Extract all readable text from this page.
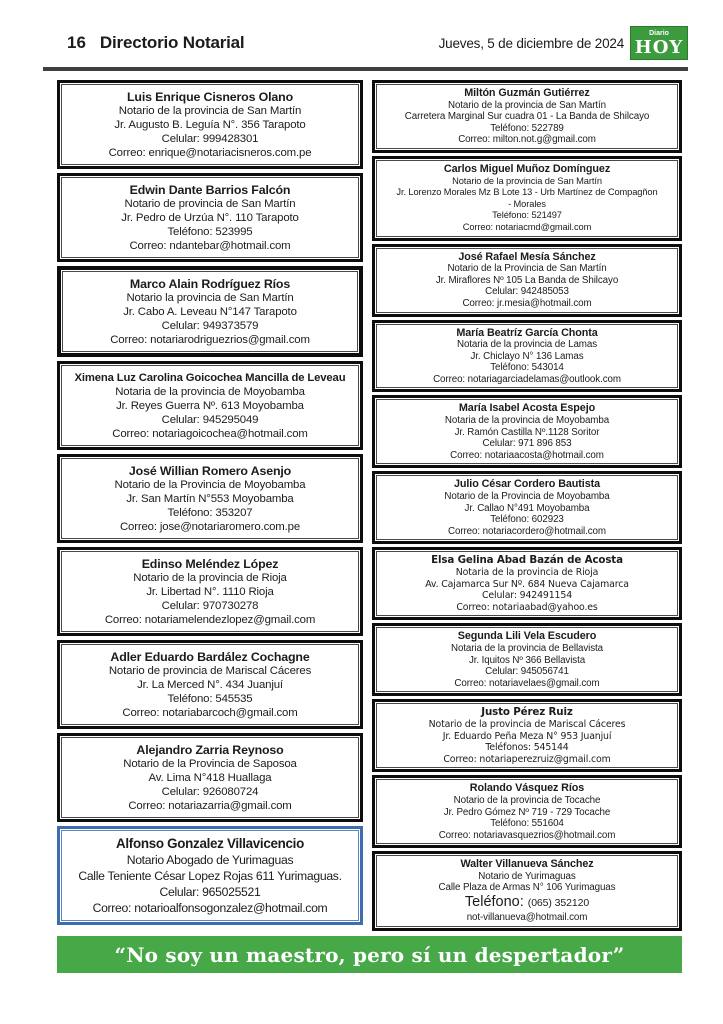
16 Directorio Notarial	Jueves, 5 de diciembre de 2024
Diario
HOY
Luis Enrique Cisneros Olano
Notario de la provincia de San Martín
Jr. Augusto B. Leguía N°. 356 Tarapoto
Celular: 999428301
Correo: enrique@notariacisneros.com.pe
Edwin Dante Barrios Falcón
Notario de provincia de San Martín
Jr. Pedro de Urzúa N°. 110 Tarapoto
Teléfono: 523995
Correo: ndantebar@hotmail.com
Marco Alain Rodríguez Ríos
Notario la provincia de San Martín
Jr. Cabo A. Leveau N°147 Tarapoto
Celular: 949373579
Correo: notariarodriguezrios@gmail.com
Ximena Luz Carolina Goicochea Mancilla de Leveau
Notaria de la provincia de Moyobamba
Jr. Reyes Guerra Nº. 613 Moyobamba
Celular: 945295049
Correo: notariagoicochea@hotmail.com
José Willian Romero Asenjo
Notario de la Provincia de Moyobamba
Jr. San Martín N°553 Moyobamba
Teléfono: 353207
Correo: jose@notariaromero.com.pe
Edinso Meléndez López
Notario de la provincia de Rioja
Jr. Libertad N°. 1110 Rioja
Celular: 970730278
Correo: notariamelendezlopez@gmail.com
Adler Eduardo Bardález Cochagne
Notario de provincia de Mariscal Cáceres
Jr. La Merced N°. 434 Juanjuí
Teléfono: 545535
Correo: notariabarcoch@gmail.com
Alejandro Zarria Reynoso
Notario de la Provincia de Saposoa
Av. Lima N°418 Huallaga
Celular: 926080724
Correo: notariazarria@gmail.com
Alfonso Gonzalez Villavicencio
Notario Abogado de Yurimaguas
Calle Teniente César Lopez Rojas 611 Yurimaguas.
Celular: 965025521
Correo: notarioalfonsogonzalez@hotmail.com
Miltón Guzmán Gutiérrez
Notario de la provincia de San Martín
Carretera Marginal Sur cuadra 01 - La Banda de Shilcayo
Teléfono: 522789
Correo: milton.not.g@gmail.com
Carlos Miguel Muñoz Domínguez
Notario de la provincia de San Martín
Jr. Lorenzo Morales Mz B Lote 13 - Urb Martínez de Compagñon
- Morales
Teléfono: 521497
Correo: notariacmd@gmail.com
José Rafael Mesía Sánchez
Notario de la Provincia de San Martín
Jr. Miraflores Nº 105 La Banda de Shilcayo
Celular: 942485053
Correo: jr.mesia@hotmail.com
María Beatríz García Chonta
Notaria de la provincia de Lamas
Jr. Chiclayo N° 136 Lamas
Teléfono: 543014
Correo: notariagarciadelamas@outlook.com
María Isabel Acosta Espejo
Notaria de la provincia de Moyobamba
Jr. Ramón Castilla Nº.1128 Soritor
Celular: 971 896 853
Correo: notariaacosta@hotmail.com
Julio César Cordero Bautista
Notario de la Provincia de Moyobamba
Jr. Callao N°491 Moyobamba
Teléfono: 602923
Correo: notariacordero@hotmail.com
Elsa Gelina Abad Bazán de Acosta
Notaria de la provincia de Rioja
Av. Cajamarca Sur Nº. 684 Nueva Cajamarca
Celular: 942491154
Correo: notariaabad@yahoo.es
Segunda Lili Vela Escudero
Notaria de la provincia de Bellavista
Jr. Iquitos Nº 366 Bellavista
Celular: 945056741
Correo: notariavelaes@gmail.com
Justo Pérez Ruiz
Notario de la provincia de Mariscal Cáceres
Jr. Eduardo Peña Meza N° 953 Juanjuí
Teléfonos: 545144
Correo: notariaperezruiz@gmail.com
Rolando Vásquez Ríos
Notario de la provincia de Tocache
Jr. Pedro Gómez Nº 719 - 729 Tocache
Teléfono: 551604
Correo: notariavasquezrios@hotmail.com
Walter Villanueva Sánchez
Notario de Yurimaguas
Calle Plaza de Armas N° 106 Yurimaguas
Teléfono: (065) 352120
not-villanueva@hotmail.com
“No soy un maestro, pero sí un despertador”
